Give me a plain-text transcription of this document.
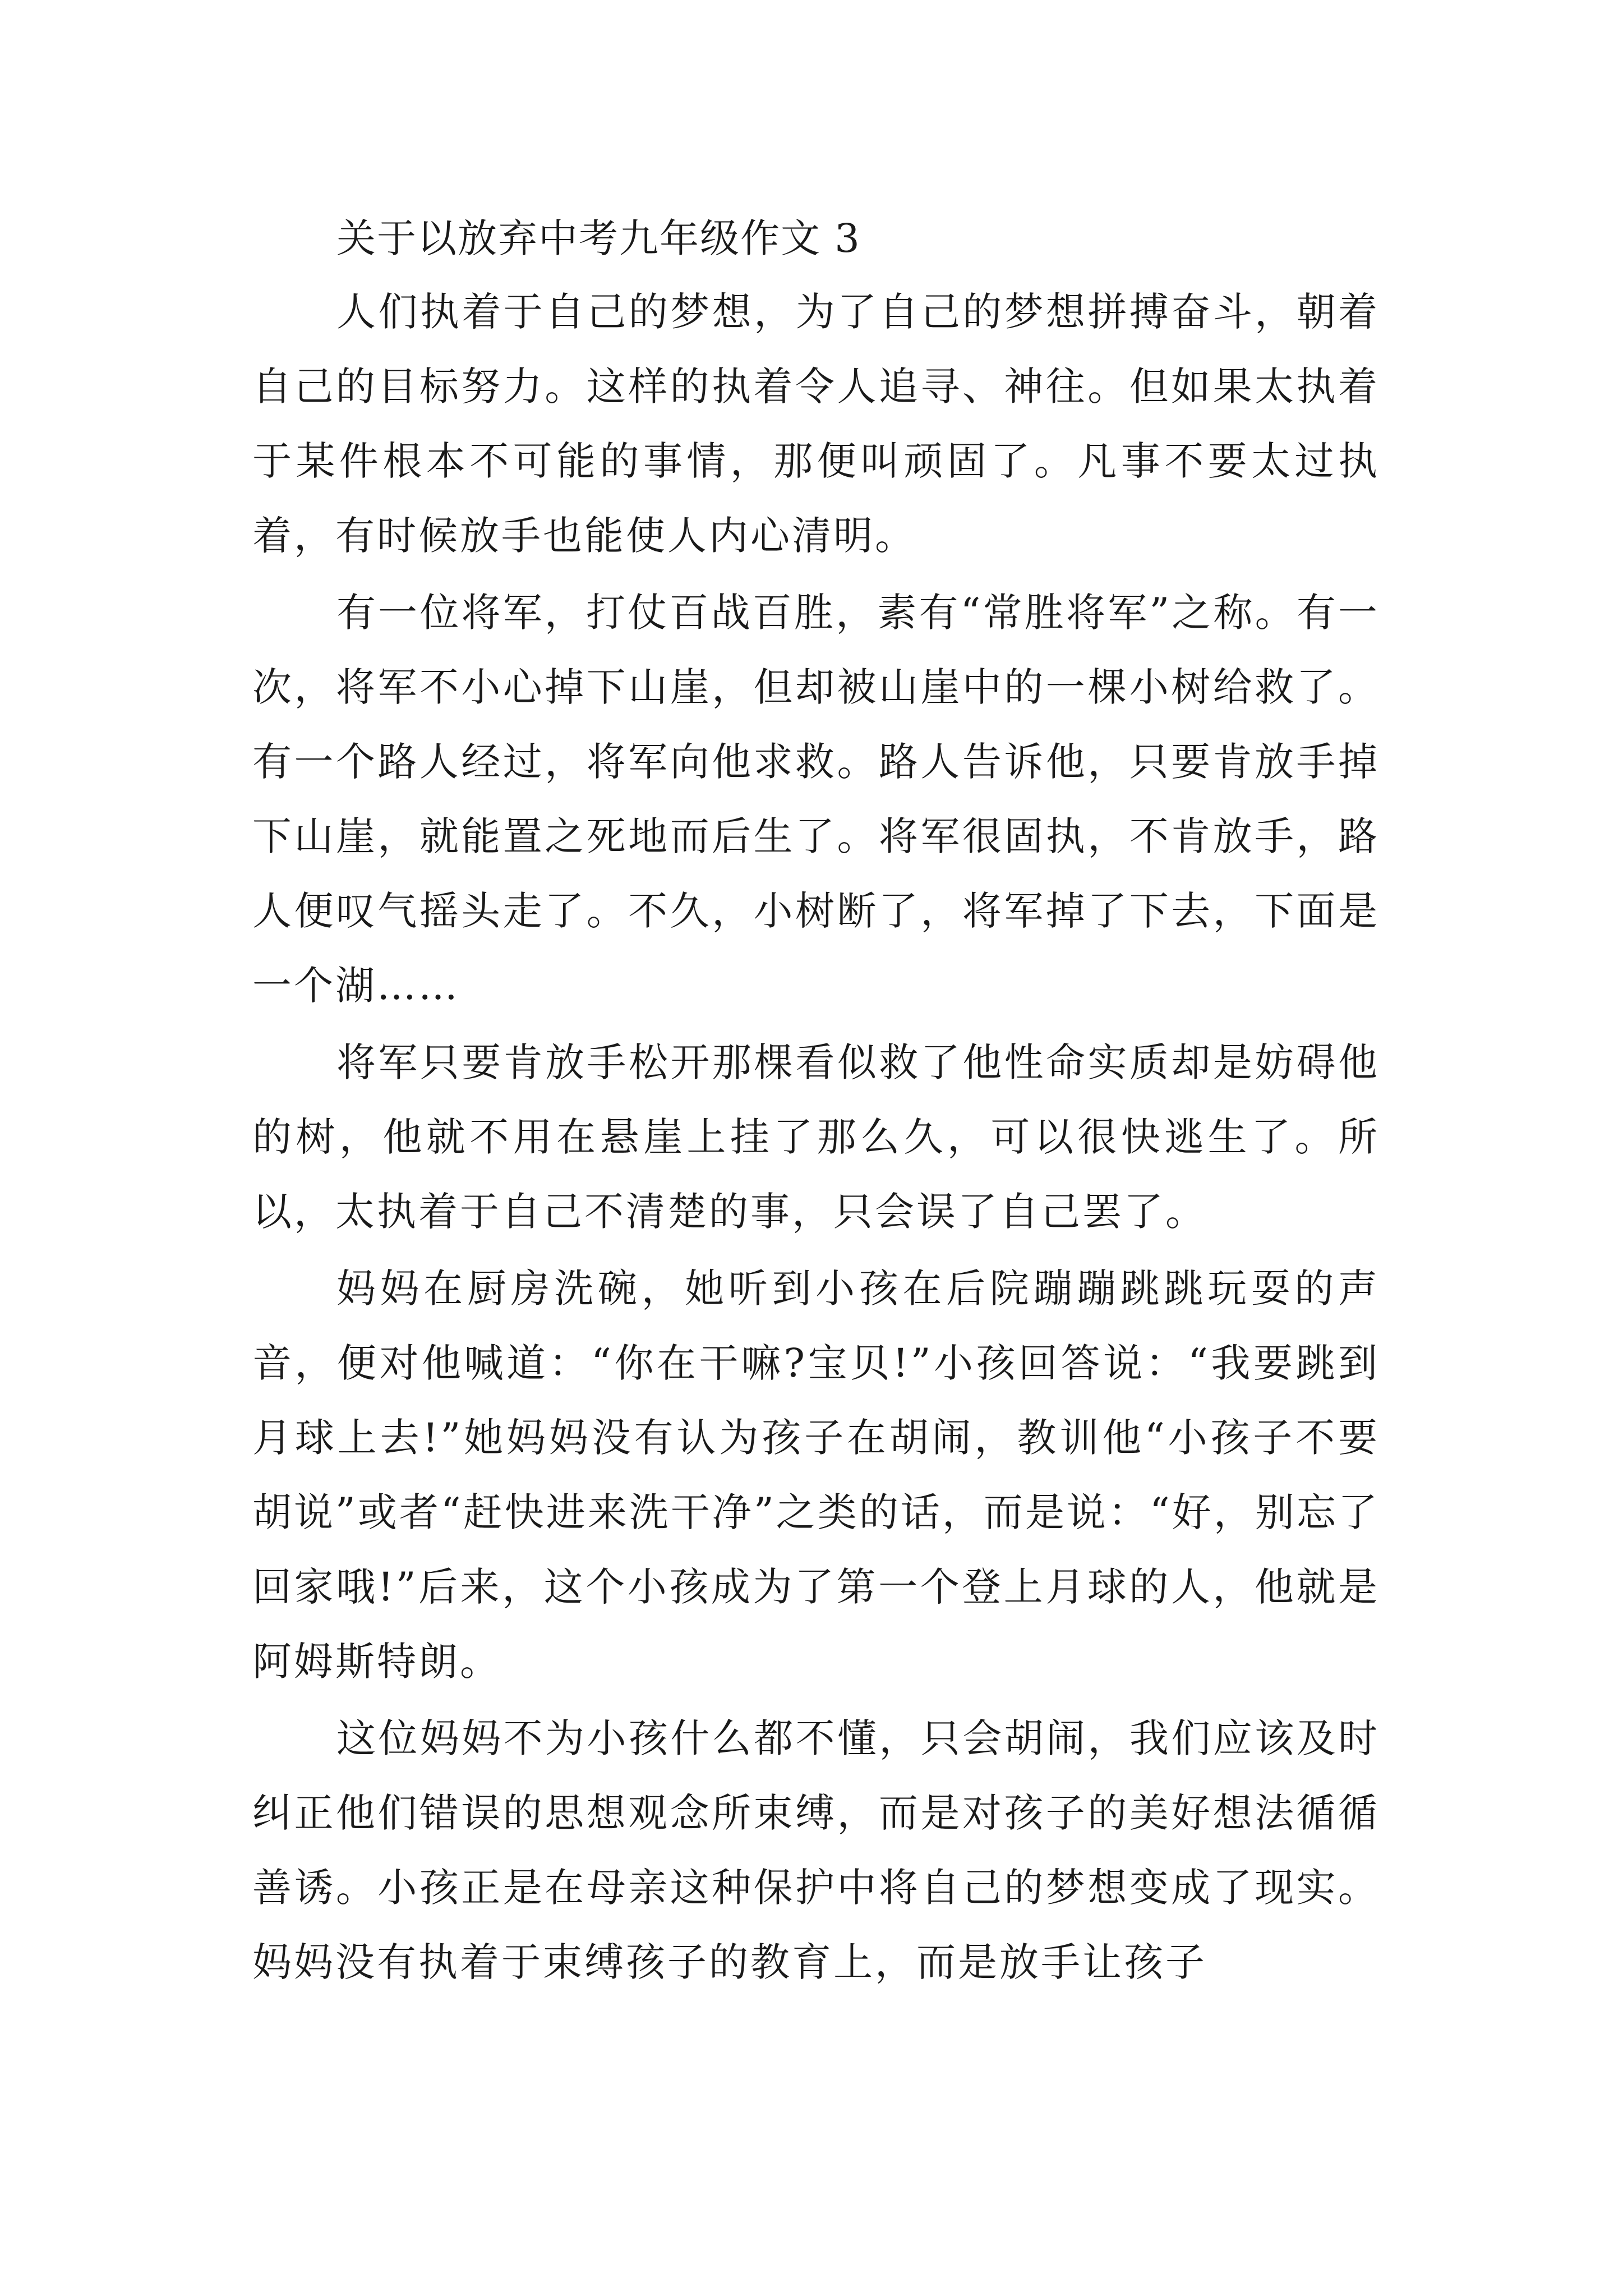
关于以放弃中考九年级作文 3

人们执着于自己的梦想，为了自己的梦想拼搏奋斗，朝着自己的目标努力。这样的执着令人追寻、神往。但如果太执着于某件根本不可能的事情，那便叫顽固了。凡事不要太过执着，有时候放手也能使人内心清明。

有一位将军，打仗百战百胜，素有“常胜将军”之称。有一次，将军不小心掉下山崖，但却被山崖中的一棵小树给救了。有一个路人经过，将军向他求救。路人告诉他，只要肯放手掉下山崖，就能置之死地而后生了。将军很固执，不肯放手，路人便叹气摇头走了。不久，小树断了，将军掉了下去，下面是一个湖……

将军只要肯放手松开那棵看似救了他性命实质却是妨碍他的树，他就不用在悬崖上挂了那么久，可以很快逃生了。所以，太执着于自己不清楚的事，只会误了自己罢了。

妈妈在厨房洗碗，她听到小孩在后院蹦蹦跳跳玩耍的声音，便对他喊道：“你在干嘛?宝贝!”小孩回答说：“我要跳到月球上去!”她妈妈没有认为孩子在胡闹，教训他“小孩子不要胡说”或者“赶快进来洗干净”之类的话，而是说：“好，别忘了回家哦!”后来，这个小孩成为了第一个登上月球的人，他就是阿姆斯特朗。

这位妈妈不为小孩什么都不懂，只会胡闹，我们应该及时纠正他们错误的思想观念所束缚，而是对孩子的美好想法循循善诱。小孩正是在母亲这种保护中将自己的梦想变成了现实。妈妈没有执着于束缚孩子的教育上，而是放手让孩子
